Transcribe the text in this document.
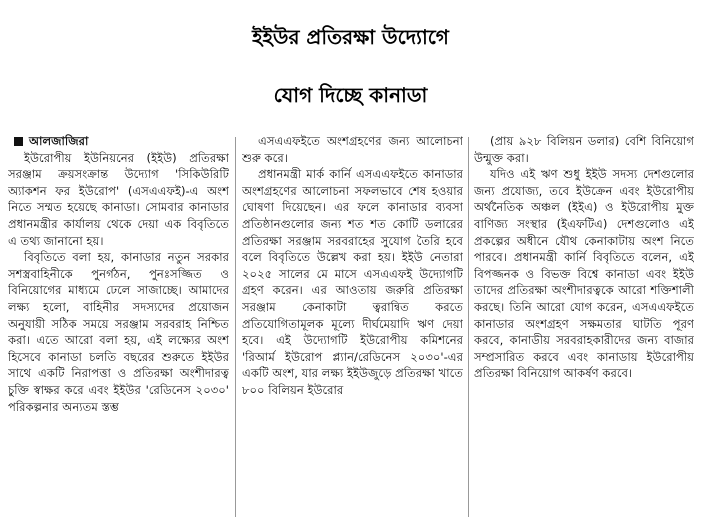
ইইউর প্রতিরক্ষা উদ্যোগে
যোগ দিচ্ছে কানাডা
আলজাজিরা

ইউরোপীয় ইউনিয়নের (ইইউ) প্রতিরক্ষা সরঞ্জাম ক্রয়সংক্রান্ত উদ্যোগ 'সিকিউরিটি অ্যাকশন ফর ইউরোপ' (এসএএফই)-এ অংশ নিতে সম্মত হয়েছে কানাডা। সোমবার কানাডার প্রধানমন্ত্রীর কার্যালয় থেকে দেয়া এক বিবৃতিতে এ তথ্য জানানো হয়।

বিবৃতিতে বলা হয়, কানাডার নতুন সরকার সশস্ত্রবাহিনীকে পুনর্গঠন, পুনঃসজ্জিত ও বিনিয়োগের মাধ্যমে ঢেলে সাজাচ্ছে। আমাদের লক্ষ্য হলো, বাহিনীর সদস্যদের প্রয়োজন অনুযায়ী সঠিক সময়ে সরঞ্জাম সরবরাহ নিশ্চিত করা। এতে আরো বলা হয়, এই লক্ষ্যের অংশ হিসেবে কানাডা চলতি বছরের শুরুতে ইইউর সাথে একটি নিরাপত্তা ও প্রতিরক্ষা অংশীদারত্ব চুক্তি স্বাক্ষর করে এবং ইইউর 'রেডিনেস ২০৩০' পরিকল্পনার অন্যতম স্তম্ভ

এসএএফইতে অংশগ্রহণের জন্য আলোচনা শুরু করে।

প্রধানমন্ত্রী মার্ক কার্নি এসএএফইতে কানাডার অংশগ্রহণের আলোচনা সফলভাবে শেষ হওয়ার ঘোষণা দিয়েছেন। এর ফলে কানাডার ব্যবসা প্রতিষ্ঠানগুলোর জন্য শত শত কোটি ডলারের প্রতিরক্ষা সরঞ্জাম সরবরাহের সুযোগ তৈরি হবে বলে বিবৃতিতে উল্লেখ করা হয়। ইইউ নেতারা ২০২৫ সালের মে মাসে এসএএফই উদ্যোগটি গ্রহণ করেন। এর আওতায় জরুরি প্রতিরক্ষা সরঞ্জাম কেনাকাটা ত্বরান্বিত করতে প্রতিযোগিতামূলক মূল্যে দীর্ঘমেয়াদি ঋণ দেয়া হবে। এই উদ্যোগটি ইউরোপীয় কমিশনের 'রিআর্ম ইউরোপ প্ল্যান/রেডিনেস ২০৩০'-এর একটি অংশ, যার লক্ষ্য ইইউজুড়ে প্রতিরক্ষা খাতে ৮০০ বিলিয়ন ইউরোর

(প্রায় ৯২৮ বিলিয়ন ডলার) বেশি বিনিয়োগ উন্মুক্ত করা।

যদিও এই ঋণ শুধু ইইউ সদস্য দেশগুলোর জন্য প্রযোজ্য, তবে ইউক্রেন এবং ইউরোপীয় অর্থনৈতিক অঞ্চল (ইইএ) ও ইউরোপীয় মুক্ত বাণিজ্য সংস্থার (ইএফটিএ) দেশগুলোও এই প্রকল্পের অধীনে যৌথ কেনাকাটায় অংশ নিতে পারবে। প্রধানমন্ত্রী কার্নি বিবৃতিতে বলেন, এই বিপজ্জনক ও বিভক্ত বিশ্বে কানাডা এবং ইইউ তাদের প্রতিরক্ষা অংশীদারত্বকে আরো শক্তিশালী করছে। তিনি আরো যোগ করেন, এসএএফইতে কানাডার অংশগ্রহণ সক্ষমতার ঘাটতি পূরণ করবে, কানাডীয় সরবরাহকারীদের জন্য বাজার সম্প্রসারিত করবে এবং কানাডায় ইউরোপীয় প্রতিরক্ষা বিনিয়োগ আকর্ষণ করবে।
